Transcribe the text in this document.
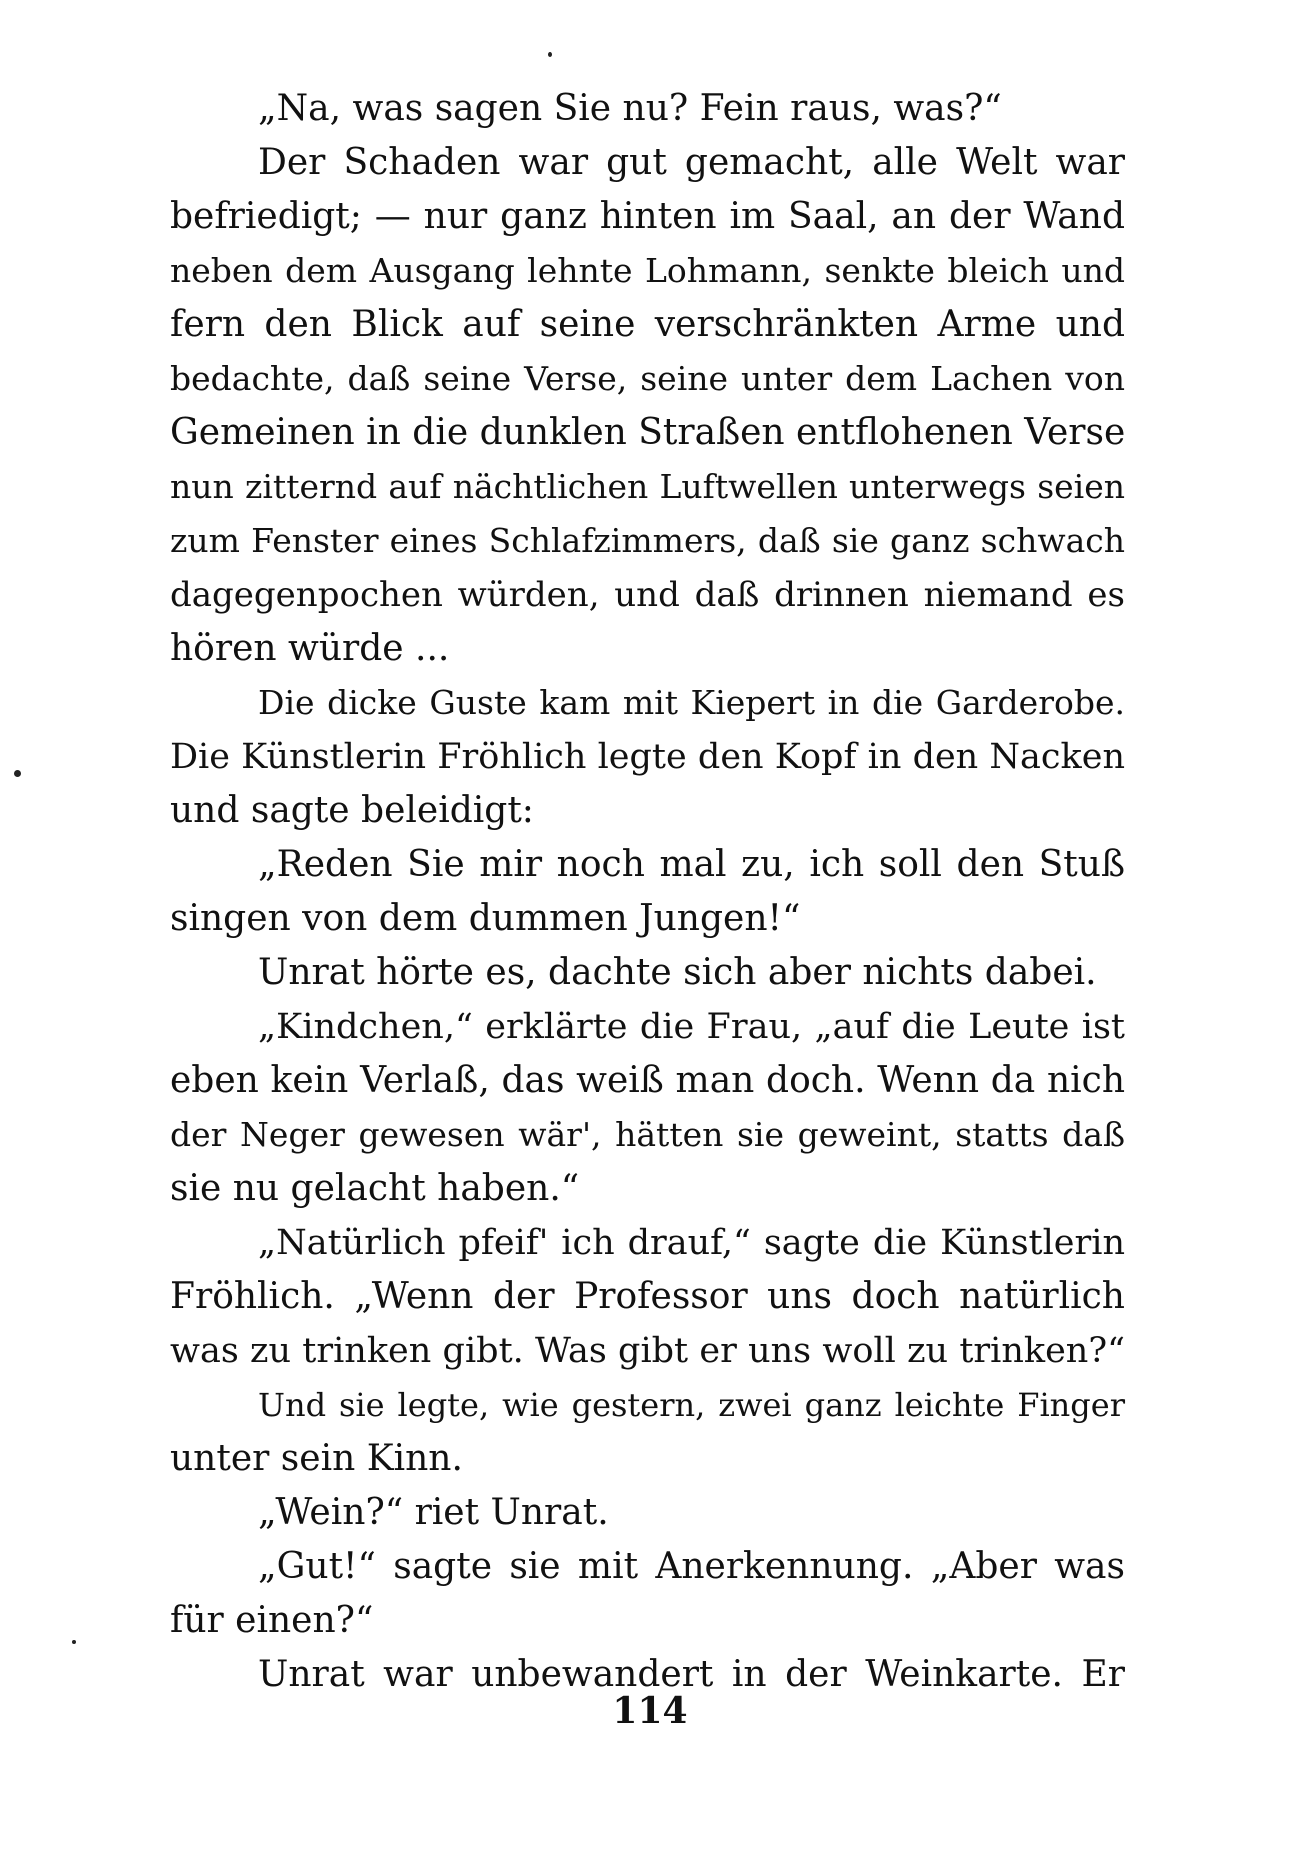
„Na, was sagen Sie nu? Fein raus, was?“
Der Schaden war gut gemacht, alle Welt war
befriedigt; — nur ganz hinten im Saal, an der Wand
neben dem Ausgang lehnte Lohmann, senkte bleich und
fern den Blick auf seine verschränkten Arme und
bedachte, daß seine Verse, seine unter dem Lachen von
Gemeinen in die dunklen Straßen entflohenen Verse
nun zitternd auf nächtlichen Luftwellen unterwegs seien
zum Fenster eines Schlafzimmers, daß sie ganz schwach
dagegenpochen würden, und daß drinnen niemand es
hören würde ...
Die dicke Guste kam mit Kiepert in die Garderobe.
Die Künstlerin Fröhlich legte den Kopf in den Nacken
und sagte beleidigt:
„Reden Sie mir noch mal zu, ich soll den Stuß
singen von dem dummen Jungen!“
Unrat hörte es, dachte sich aber nichts dabei.
„Kindchen,“ erklärte die Frau, „auf die Leute ist
eben kein Verlaß, das weiß man doch. Wenn da nich
der Neger gewesen wär', hätten sie geweint, statts daß
sie nu gelacht haben.“
„Natürlich pfeif' ich drauf,“ sagte die Künstlerin
Fröhlich. „Wenn der Professor uns doch natürlich
was zu trinken gibt. Was gibt er uns woll zu trinken?“
Und sie legte, wie gestern, zwei ganz leichte Finger
unter sein Kinn.
„Wein?“ riet Unrat.
„Gut!“ sagte sie mit Anerkennung. „Aber was
für einen?“
Unrat war unbewandert in der Weinkarte. Er
114
